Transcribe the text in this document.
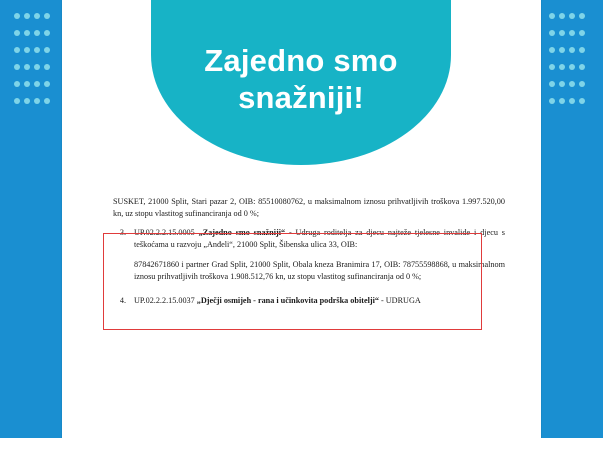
SUSKET, 21000 Split, Stari pazar 2, OIB: 85510080762, u maksimalnom iznosu prihvatljivih troškova 1.997.520,00 kn, uz stopu vlastitog sufinanciranja od 0 %;

3. UP.02.2.2.15.0005 „Zajedno smo snažniji“ - Udruga roditelja za djecu najteže tjelesne invalide i djecu s teškoćama u razvoju „Anđeli“, 21000 Split, Šibenska ulica 33, OIB:
87842671860 i partner Grad Split, 21000 Split, Obala kneza Branimira 17, OIB: 78755598868, u maksimalnom iznosu prihvatljivih troškova 1.908.512,76 kn, uz stopu vlastitog sufinanciranja od 0 %;
4. UP.02.2.2.15.0037 „Dječji osmijeh - rana i učinkovita podrška obitelji“ - UDRUGA
Zajedno smo
snažniji!
